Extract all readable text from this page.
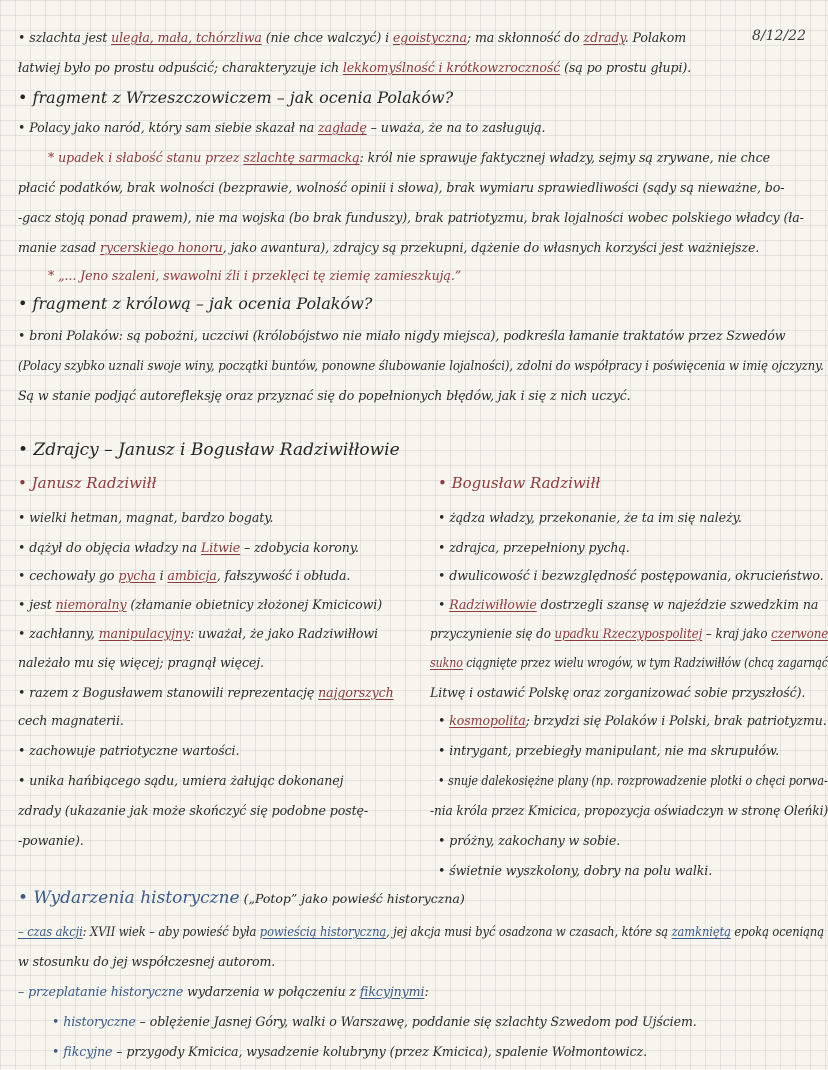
8/12/22
• szlachta jest uległa, mała, tchórzliwa (nie chce walczyć) i egoistyczna; ma skłonność do zdrady. Polakom
łatwiej było po prostu odpuścić; charakteryzuje ich lekkomyślność i krótkowzroczność (są po prostu głupi).
• fragment z Wrzeszczowiczem – jak ocenia Polaków?
• Polacy jako naród, który sam siebie skazał na zagładę – uważa, że na to zasługują.
* upadek i słabość stanu przez szlachtę sarmacką: król nie sprawuje faktycznej władzy, sejmy są zrywane, nie chce
płacić podatków, brak wolności (bezprawie, wolność opinii i słowa), brak wymiaru sprawiedliwości (sądy są nieważne, bo-
-gacz stoją ponad prawem), nie ma wojska (bo brak funduszy), brak patriotyzmu, brak lojalności wobec polskiego władcy (ła-
manie zasad rycerskiego honoru, jako awantura), zdrajcy są przekupni, dążenie do własnych korzyści jest ważniejsze.
* „... Jeno szaleni, swawolni źli i przeklęci tę ziemię zamieszkują.”
• fragment z królową – jak ocenia Polaków?
• broni Polaków: są pobożni, uczciwi (królobójstwo nie miało nigdy miejsca), podkreśla łamanie traktatów przez Szwedów
(Polacy szybko uznali swoje winy, początki buntów, ponowne ślubowanie lojalności), zdolni do współpracy i poświęcenia w imię ojczyzny.
Są w stanie podjąć autorefleksję oraz przyznać się do popełnionych błędów, jak i się z nich uczyć.
• Zdrajcy – Janusz i Bogusław Radziwiłłowie
• Janusz Radziwiłł	• Bogusław Radziwiłł
• wielki hetman, magnat, bardzo bogaty.
• dążył do objęcia władzy na Litwie – zdobycia korony.
• cechowały go pycha i ambicja, fałszywość i obłuda.
• jest niemoralny (złamanie obietnicy złożonej Kmicicowi)
• zachłanny, manipulacyjny: uważał, że jako Radziwiłłowi
należało mu się więcej; pragnął więcej.
• razem z Bogusławem stanowili reprezentację najgorszych
cech magnaterii.
• zachowuje patriotyczne wartości.
• unika hańbiącego sądu, umiera żałując dokonanej
zdrady (ukazanie jak może skończyć się podobne postę-
-powanie).
• żądza władzy, przekonanie, że ta im się należy.
• zdrajca, przepełniony pychą.
• dwulicowość i bezwzględność postępowania, okrucieństwo.
• Radziwiłłowie dostrzegli szansę w najeździe szwedzkim na
przyczynienie się do upadku Rzeczypospolitej – kraj jako czerwone
sukno ciągnięte przez wielu wrogów, w tym Radziwiłłów (chcą zagarnąć
Litwę i ostawić Polskę oraz zorganizować sobie przyszłość).
• kosmopolita; brzydzi się Polaków i Polski, brak patriotyzmu.
• intrygant, przebiegły manipulant, nie ma skrupułów.
• snuje dalekosiężne plany (np. rozprowadzenie plotki o chęci porwa-
-nia króla przez Kmicica, propozycja oświadczyn w stronę Oleńki)
• próżny, zakochany w sobie.
• świetnie wyszkolony, dobry na polu walki.
• Wydarzenia historyczne („Potop” jako powieść historyczna)
– czas akcji: XVII wiek – aby powieść była powieścią historyczną, jej akcja musi być osadzona w czasach, które są zamkniętą epoką oceniąną
w stosunku do jej współczesnej autorom.
– przeplatanie historyczne wydarzenia w połączeniu z fikcyjnymi:
• historyczne – oblężenie Jasnej Góry, walki o Warszawę, poddanie się szlachty Szwedom pod Ujściem.
• fikcyjne – przygody Kmicica, wysadzenie kolubryny (przez Kmicica), spalenie Wołmontowicz.
